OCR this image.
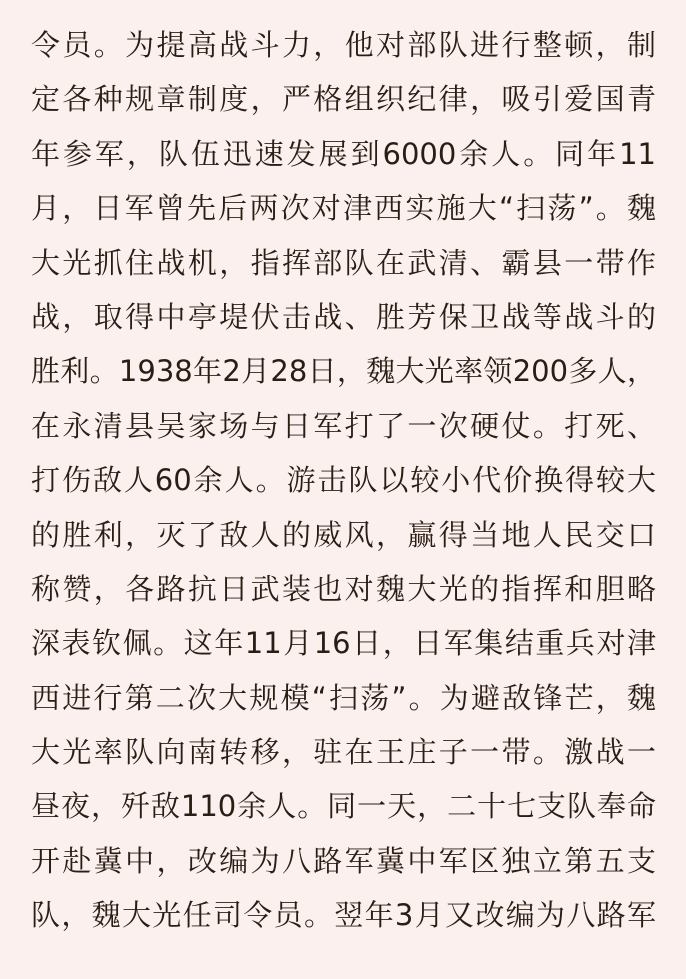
令员。为提高战斗力，他对部队进行整顿，制
定各种规章制度，严格组织纪律，吸引爱国青
年参军，队伍迅速发展到6000余人。同年11
月，日军曾先后两次对津西实施大“扫荡”。魏
大光抓住战机，指挥部队在武清、霸县一带作
战，取得中亭堤伏击战、胜芳保卫战等战斗的
胜利。1938年2月28日，魏大光率领200多人，
在永清县吴家场与日军打了一次硬仗。打死、
打伤敌人60余人。游击队以较小代价换得较大
的胜利，灭了敌人的威风，赢得当地人民交口
称赞，各路抗日武装也对魏大光的指挥和胆略
深表钦佩。这年11月16日，日军集结重兵对津
西进行第二次大规模“扫荡”。为避敌锋芒，魏
大光率队向南转移，驻在王庄子一带。激战一
昼夜，歼敌110余人。同一天，二十七支队奉命
开赴冀中，改编为八路军冀中军区独立第五支
队，魏大光任司令员。翌年3月又改编为八路军
